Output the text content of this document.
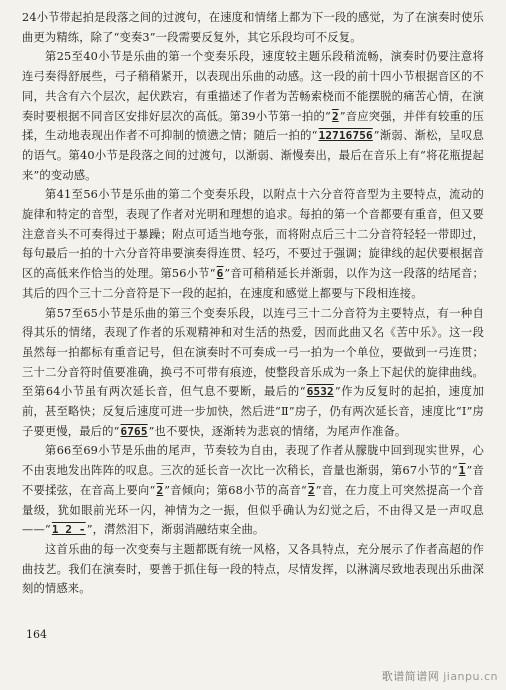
24小节带起拍是段落之间的过渡句，在速度和情绪上都为下一段的感觉，为了在演奏时使乐曲更为精练，除了“变奏3”一段需要反复外，其它乐段均可不反复。

第25至40小节是乐曲的第一个变奏乐段，速度较主题乐段稍流畅，演奏时仍要注意将连弓奏得舒展些，弓子稍稍紧开，以表现出乐曲的动感。这一段的前十四小节根据音区的不同，共含有六个层次，起伏跌宕，有重描述了作者为苦畅索桡而不能摆脱的痛苦心情，在演奏时要根据不同音区安排好层次的高低。第39小节第一拍的“2”音应突强，并伴有较重的压揉，生动地表现出作者不可抑制的愤懑之情；随后一拍的“12716756”渐弱、渐松，呈叹息的语气。第40小节是段落之间的过渡句，以渐弱、渐慢奏出，最后在音乐上有“将花瓶提起来”的变动感。

第41至56小节是乐曲的第二个变奏乐段，以附点十六分音符音型为主要特点，流动的旋律和特定的音型，表现了作者对光明和理想的追求。每拍的第一个音都要有重音，但又要注意音头不可奏得过于暴躁；附点可适当地夸张，而将附点后三十二分音符轻轻一带即过，每句最后一拍的十六分音符串要演奏得连贯、轻巧，不要过于强调；旋律线的起伏要根据音区的高低来作恰当的处理。第56小节“6”音可稍稍延长并渐弱，以作为这一段落的结尾音；其后的四个三十二分音符是下一段的起拍，在速度和感觉上都要与下段相连接。

第57至65小节是乐曲的第三个变奏乐段，以连弓三十二分音符为主要特点，有一种自得其乐的情绪，表现了作者的乐观精神和对生活的热爱，因而此曲又名《苦中乐》。这一段虽然每一拍都标有重音记号，但在演奏时不可奏成一弓一拍为一个单位，要做到一弓连贯；三十二分音符时值要准确，换弓不可带有痕迹，使整段音乐成为一条上下起伏的旋律曲线。至第64小节虽有两次延长音，但气息不要断，最后的“6532”作为反复时的起拍，速度加前，甚至略快；反复后速度可进一步加快，然后进“Ⅱ”房子，仍有两次延长音，速度比“Ⅰ”房子要更慢，最后的“6765”也不要快，逐渐转为悲哀的情绪，为尾声作准备。

第66至69小节是乐曲的尾声，节奏较为自由，表现了作者从朦胧中回到现实世界，心不由衷地发出阵阵的叹息。三次的延长音一次比一次稍长，音量也渐弱，第67小节的“1”音不要揉弦，在音高上要向“2”音倾向；第68小节的高音“2”音，在力度上可突然提高一个音量级，犹如眼前光环一闪，神情为之一振，但似乎确认为幻觉之后，不由得又是一声叹息——“1 2 -”，潸然泪下，渐弱消融结束全曲。

这首乐曲的每一次变奏与主题都既有统一风格，又各具特点，充分展示了作者高超的作曲技艺。我们在演奏时，要善于抓住每一段的特点，尽情发挥，以淋漓尽致地表现出乐曲深刻的情感来。

164
歌谱简谱网 jianpu.cn
